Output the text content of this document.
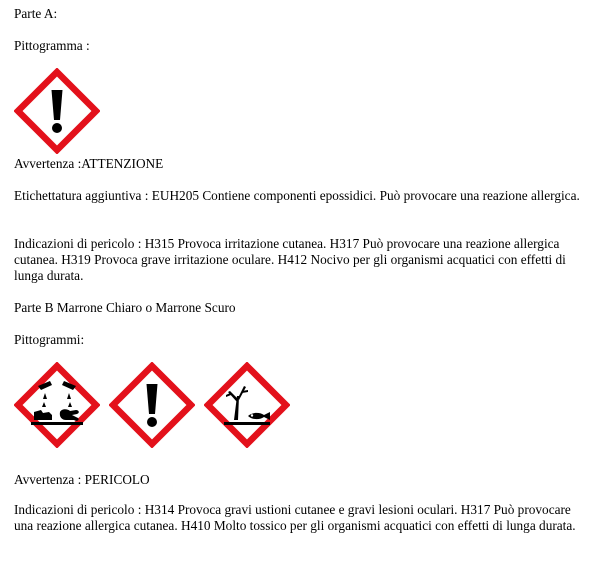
Parte A:

Pittogramma :

Avvertenza :ATTENZIONE

Etichettatura aggiuntiva : EUH205 Contiene componenti epossidici. Può provocare una reazione allergica.

Indicazioni di pericolo : H315 Provoca irritazione cutanea. H317 Può provocare una reazione allergica cutanea. H319 Provoca grave irritazione oculare. H412 Nocivo per gli organismi acquatici con effetti di lunga durata.

Parte B Marrone Chiaro o Marrone Scuro

Pittogrammi:

Avvertenza : PERICOLO

Indicazioni di pericolo : H314 Provoca gravi ustioni cutanee e gravi lesioni oculari. H317 Può provocare una reazione allergica cutanea. H410 Molto tossico per gli organismi acquatici con effetti di lunga durata.
